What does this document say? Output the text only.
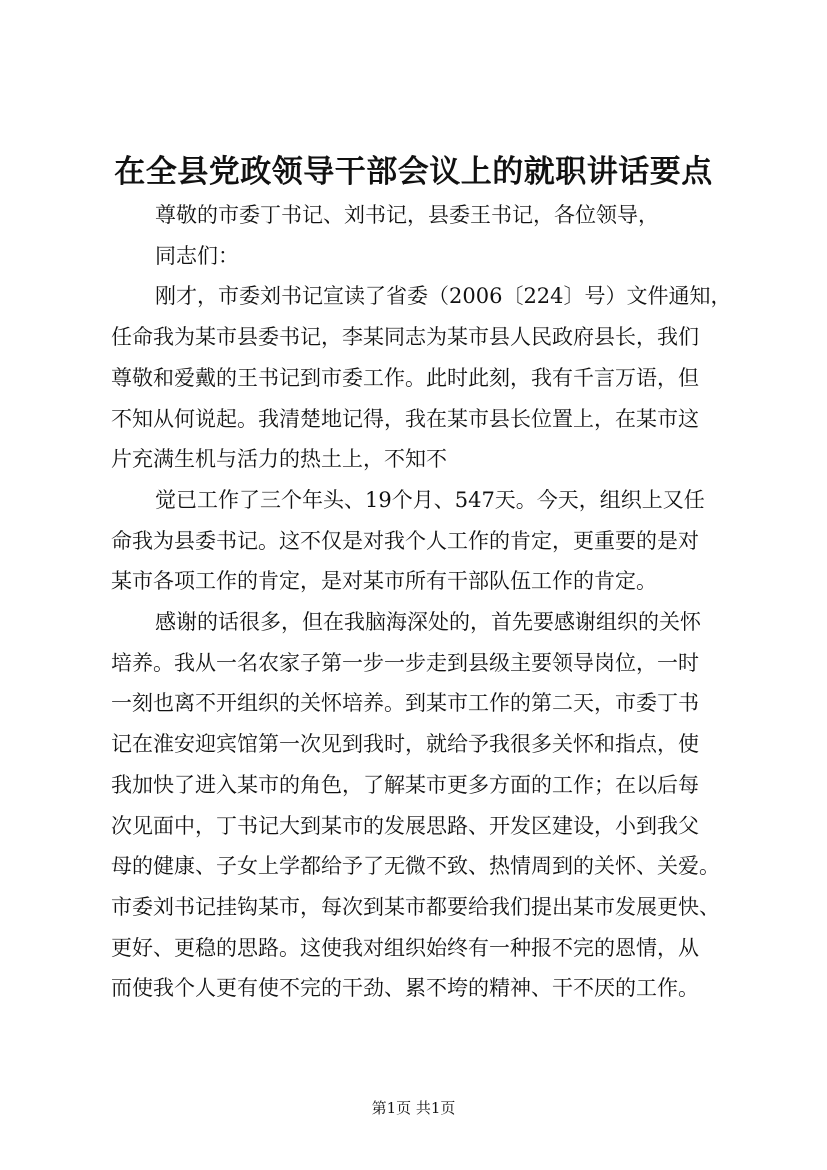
在全县党政领导干部会议上的就职讲话要点

尊敬的市委丁书记、刘书记，县委王书记，各位领导，

同志们：

刚才，市委刘书记宣读了省委（2006〔224〕号）文件通知，
任命我为某市县委书记，李某同志为某市县人民政府县长，我们
尊敬和爱戴的王书记到市委工作。此时此刻，我有千言万语，但
不知从何说起。我清楚地记得，我在某市县长位置上，在某市这
片充满生机与活力的热土上，不知不

觉已工作了三个年头、19个月、547天。今天，组织上又任
命我为县委书记。这不仅是对我个人工作的肯定，更重要的是对
某市各项工作的肯定，是对某市所有干部队伍工作的肯定。

感谢的话很多，但在我脑海深处的，首先要感谢组织的关怀
培养。我从一名农家子第一步一步走到县级主要领导岗位，一时
一刻也离不开组织的关怀培养。到某市工作的第二天，市委丁书
记在淮安迎宾馆第一次见到我时，就给予我很多关怀和指点，使
我加快了进入某市的角色，了解某市更多方面的工作；在以后每
次见面中，丁书记大到某市的发展思路、开发区建设，小到我父
母的健康、子女上学都给予了无微不致、热情周到的关怀、关爱。
市委刘书记挂钩某市，每次到某市都要给我们提出某市发展更快、
更好、更稳的思路。这使我对组织始终有一种报不完的恩情，从
而使我个人更有使不完的干劲、累不垮的精神、干不厌的工作。

第1页 共1页
